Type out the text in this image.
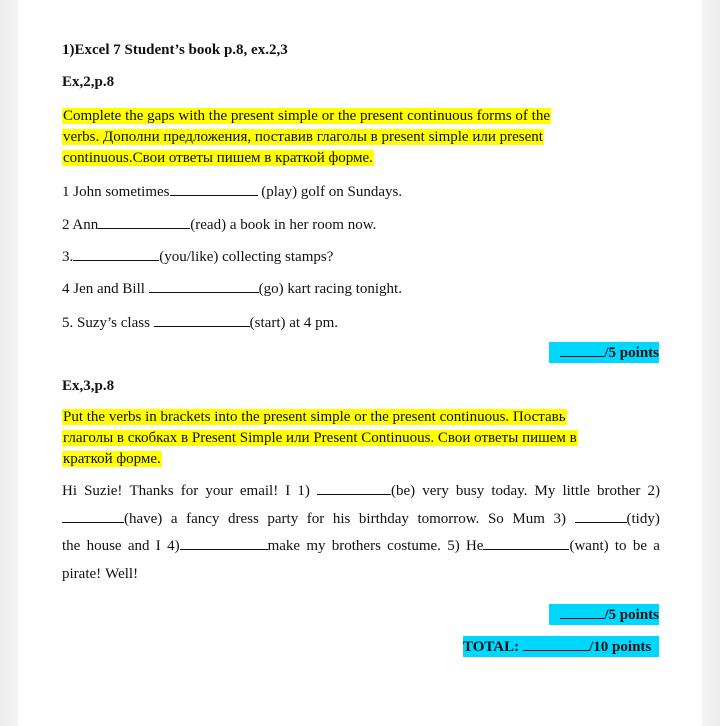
1)Excel 7 Student’s book p.8, ex.2,3
Ex,2,p.8
Complete the gaps with the present simple or the present continuous forms of the
verbs. Дополни предложения, поставив глаголы в present simple или present
continuous.Свои ответы пишем в краткой форме.
1 John sometimes	(play) golf on Sundays.
2 Ann	(read) a book in her room now.
3.	(you/like) collecting stamps?
4 Jen and Bill	(go) kart racing tonight.
5. Suzy’s class	(start) at 4 pm.
/5 points
Ex,3,p.8
Put the verbs in brackets into the present simple or the present continuous. Поставь
глаголы в скобках в Present Simple или Present Continuous. Свои ответы пишем в
краткой форме.
Hi Suzie! Thanks for your email! I 1)	(be) very busy today. My little brother 2)
(have) a fancy dress party for his birthday tomorrow. So Mum 3)	(tidy)
the house and I 4)	make my brothers costume. 5) He	(want) to be a
pirate! Well!
/5 points
TOTAL:	/10 points
